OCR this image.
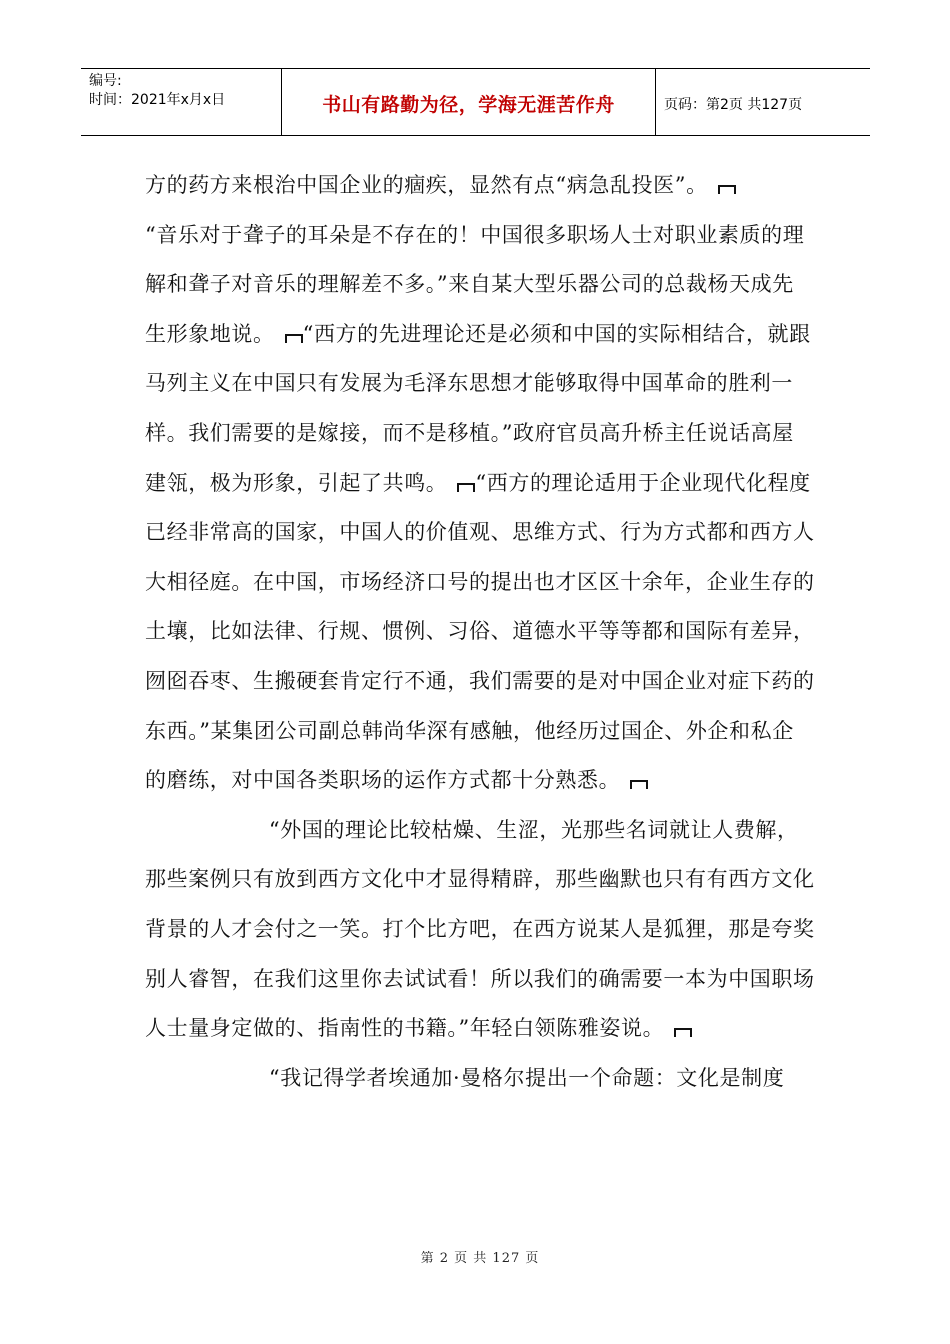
编号:
时间：2021年x月x日	书山有路勤为径，学海无涯苦作舟	页码：第2页 共127页

方的药方来根治中国企业的痼疾，显然有点“病急乱投医”。

“音乐对于聋子的耳朵是不存在的！中国很多职场人士对职业素质的理解和聋子对音乐的理解差不多。”来自某大型乐器公司的总裁杨天成先生形象地说。 “西方的先进理论还是必须和中国的实际相结合，就跟马列主义在中国只有发展为毛泽东思想才能够取得中国革命的胜利一样。我们需要的是嫁接，而不是移植。”政府官员高升桥主任说话高屋建瓴，极为形象，引起了共鸣。 “西方的理论适用于企业现代化程度已经非常高的国家，中国人的价值观、思维方式、行为方式都和西方人大相径庭。在中国，市场经济口号的提出也才区区十余年，企业生存的土壤，比如法律、行规、惯例、习俗、道德水平等等都和国际有差异，囫囵吞枣、生搬硬套肯定行不通，我们需要的是对中国企业对症下药的东西。”某集团公司副总韩尚华深有感触，他经历过国企、外企和私企的磨练，对中国各类职场的运作方式都十分熟悉。

“外国的理论比较枯燥、生涩，光那些名词就让人费解，那些案例只有放到西方文化中才显得精辟，那些幽默也只有有西方文化背景的人才会付之一笑。打个比方吧，在西方说某人是狐狸，那是夸奖别人睿智，在我们这里你去试试看！所以我们的确需要一本为中国职场人士量身定做的、指南性的书籍。”年轻白领陈雅姿说。

“我记得学者埃通加·曼格尔提出一个命题：文化是制度

第 2 页 共 127 页
